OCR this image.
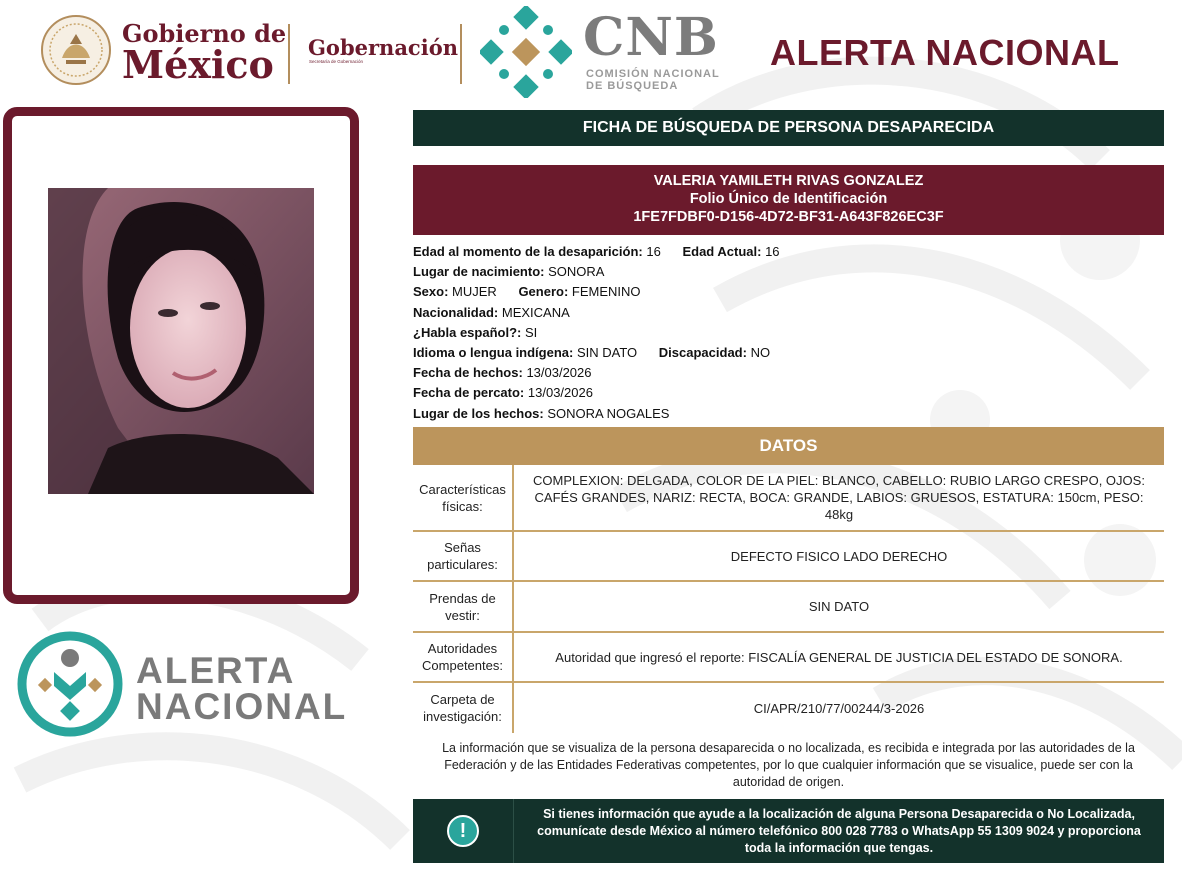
Gobierno de
México	Gobernación
Secretaría de Gobernación	CNB
COMISIÓN NACIONAL
DE BÚSQUEDA
ALERTA NACIONAL
ALERTA
NACIONAL
FICHA DE BÚSQUEDA DE PERSONA DESAPARECIDA
VALERIA YAMILETH RIVAS GONZALEZ
Folio Único de Identificación
1FE7FDBF0-D156-4D72-BF31-A643F826EC3F
Edad al momento de la desaparición: 16 Edad Actual: 16
Lugar de nacimiento: SONORA
Sexo: MUJER Genero: FEMENINO
Nacionalidad: MEXICANA
¿Habla español?: SI
Idioma o lengua indígena: SIN DATO Discapacidad: NO
Fecha de hechos: 13/03/2026
Fecha de percato: 13/03/2026
Lugar de los hechos: SONORA NOGALES
DATOS
Características físicas:
COMPLEXION: DELGADA, COLOR DE LA PIEL: BLANCO, CABELLO: RUBIO LARGO CRESPO, OJOS: CAFÉS GRANDES, NARIZ: RECTA, BOCA: GRANDE, LABIOS: GRUESOS, ESTATURA: 150cm, PESO: 48kg
Señas particulares:
DEFECTO FISICO LADO DERECHO
Prendas de vestir:
SIN DATO
Autoridades Competentes:
Autoridad que ingresó el reporte: FISCALÍA GENERAL DE JUSTICIA DEL ESTADO DE SONORA.
Carpeta de investigación:
CI/APR/210/77/00244/3-2026
La información que se visualiza de la persona desaparecida o no localizada, es recibida e integrada por las autoridades de la Federación y de las Entidades Federativas competentes, por lo que cualquier información que se visualice, puede ser con la autoridad de origen.
!
Si tienes información que ayude a la localización de alguna Persona Desaparecida o No Localizada, comunícate desde México al número telefónico 800 028 7783 o WhatsApp 55 1309 9024 y proporciona toda la información que tengas.
